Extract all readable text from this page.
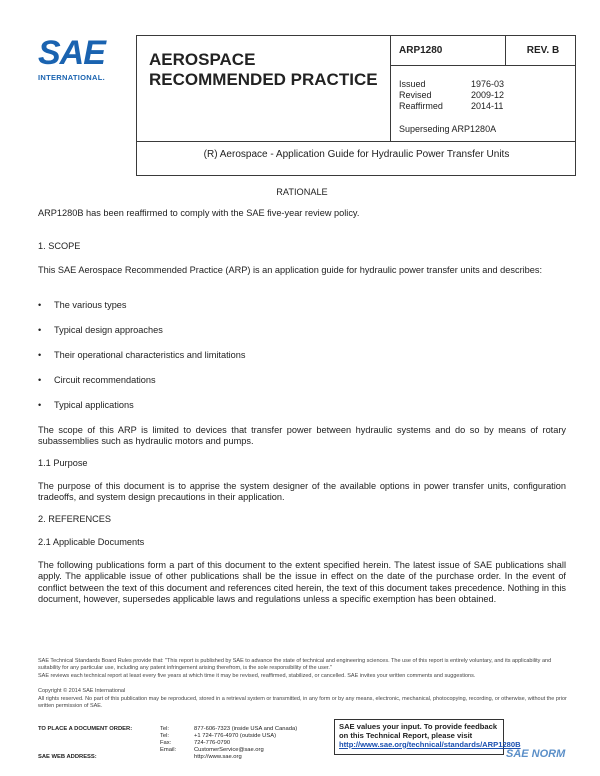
SAE
INTERNATIONAL.
AEROSPACE
RECOMMENDED PRACTICE
ARP1280	REV. B
Issued	1976-03
Revised	2009-12
Reaffirmed	2014-11
Superseding ARP1280A
(R) Aerospace - Application Guide for Hydraulic Power Transfer Units
RATIONALE
ARP1280B has been reaffirmed to comply with the SAE five-year review policy.
1. SCOPE
This SAE Aerospace Recommended Practice (ARP) is an application guide for hydraulic power transfer units and describes:
•	The various types
•	Typical design approaches
•	Their operational characteristics and limitations
•	Circuit recommendations
•	Typical applications
The scope of this ARP is limited to devices that transfer power between hydraulic systems and do so by means of rotary subassemblies such as hydraulic motors and pumps.
1.1 Purpose
The purpose of this document is to apprise the system designer of the available options in power transfer units, configuration tradeoffs, and system design precautions in their application.
2. REFERENCES
2.1 Applicable Documents
The following publications form a part of this document to the extent specified herein. The latest issue of SAE publications shall apply. The applicable issue of other publications shall be the issue in effect on the date of the purchase order. In the event of conflict between the text of this document and references cited herein, the text of this document takes precedence. Nothing in this document, however, supersedes applicable laws and regulations unless a specific exemption has been obtained.
SAE Technical Standards Board Rules provide that: "This report is published by SAE to advance the state of technical and engineering sciences. The use of this report is entirely voluntary, and its applicability and suitability for any particular use, including any patent infringement arising therefrom, is the sole responsibility of the user."
SAE reviews each technical report at least every five years at which time it may be revised, reaffirmed, stabilized, or cancelled. SAE invites your written comments and suggestions.
Copyright © 2014 SAE International
All rights reserved. No part of this publication may be reproduced, stored in a retrieval system or transmitted, in any form or by any means, electronic, mechanical, photocopying, recording, or otherwise, without the prior written permission of SAE.
TO PLACE A DOCUMENT ORDER:	Tel:	877-606-7323 (inside USA and Canada)
Tel:	+1 724-776-4970 (outside USA)
Fax:	724-776-0790
Email:	CustomerService@sae.org
SAE WEB ADDRESS:	http://www.sae.org
SAE values your input. To provide feedback
on this Technical Report, please visit
http://www.sae.org/technical/standards/ARP1280B
SAE NORM
